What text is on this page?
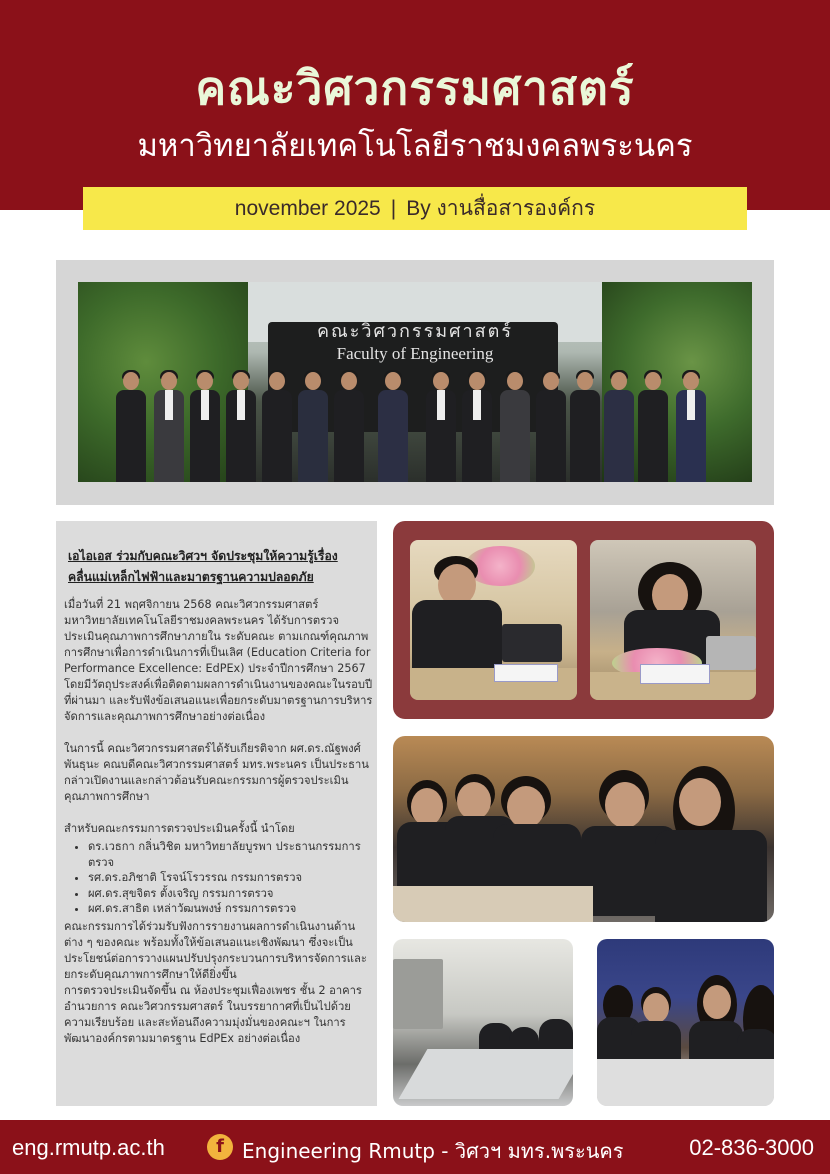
คณะวิศวกรรมศาสตร์
มหาวิทยาลัยเทคโนโลยีราชมงคลพระนคร
november 2025 | By งานสื่อสารองค์กร
คณะวิศวกรรมศาสตร์
Faculty of Engineering
เอไอเอส ร่วมกับคณะวิศวฯ จัดประชุมให้ความรู้เรื่อง
คลื่นแม่เหล็กไฟฟ้าและมาตรฐานความปลอดภัย

เมื่อวันที่ 21 พฤศจิกายน 2568 คณะวิศวกรรมศาสตร์ มหาวิทยาลัยเทคโนโลยีราชมงคลพระนคร ได้รับการตรวจประเมินคุณภาพการศึกษาภายใน ระดับคณะ ตามเกณฑ์คุณภาพการศึกษาเพื่อการดำเนินการที่เป็นเลิศ (Education Criteria for Performance Excellence: EdPEx) ประจำปีการศึกษา 2567 โดยมีวัตถุประสงค์เพื่อติดตามผลการดำเนินงานของคณะในรอบปีที่ผ่านมา และรับฟังข้อเสนอแนะเพื่อยกระดับมาตรฐานการบริหารจัดการและคุณภาพการศึกษาอย่างต่อเนื่อง

ในการนี้ คณะวิศวกรรมศาสตร์ได้รับเกียรติจาก ผศ.ดร.ณัฐพงศ์ พันธุนะ คณบดีคณะวิศวกรรมศาสตร์ มทร.พระนคร เป็นประธานกล่าวเปิดงานและกล่าวต้อนรับคณะกรรมการผู้ตรวจประเมินคุณภาพการศึกษา

สำหรับคณะกรรมการตรวจประเมินครั้งนี้ นำโดย

• ดร.เวธกา กลิ่นวิชิต มหาวิทยาลัยบูรพา ประธานกรรมการตรวจ
• รศ.ดร.อภิชาติ โรจน์โรวรรณ กรรมการตรวจ
• ผศ.ดร.สุขจิตร ตั้งเจริญ กรรมการตรวจ
• ผศ.ดร.สาธิต เหล่าวัฒนพงษ์ กรรมการตรวจ

คณะกรรมการได้ร่วมรับฟังการรายงานผลการดำเนินงานด้านต่าง ๆ ของคณะ พร้อมทั้งให้ข้อเสนอแนะเชิงพัฒนา ซึ่งจะเป็นประโยชน์ต่อการวางแผนปรับปรุงกระบวนการบริหารจัดการและยกระดับคุณภาพการศึกษาให้ดียิ่งขึ้น

การตรวจประเมินจัดขึ้น ณ ห้องประชุมเฟื่องเพชร ชั้น 2 อาคารอำนวยการ คณะวิศวกรรมศาสตร์ ในบรรยากาศที่เป็นไปด้วยความเรียบร้อย และสะท้อนถึงความมุ่งมั่นของคณะฯ ในการพัฒนาองค์กรตามมาตรฐาน EdPEx อย่างต่อเนื่อง

eng.rmutp.ac.th	f Engineering Rmutp - วิศวฯ มทร.พระนคร	02-836-3000
